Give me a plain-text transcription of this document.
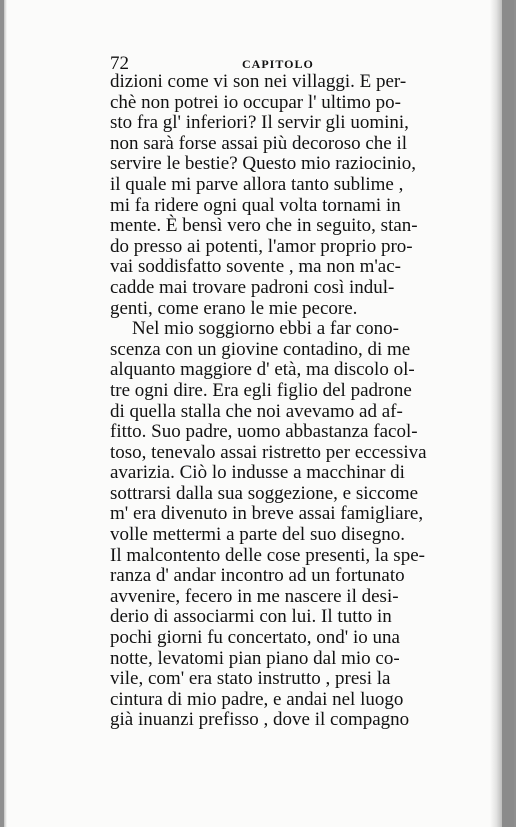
72	CAPITOLO
dizioni come vi son nei villaggi. E per-
chè non potrei io occupar l' ultimo po-
sto fra gl' inferiori? Il servir gli uomini,
non sarà forse assai più decoroso che il
servire le bestie? Questo mio raziocinio,
il quale mi parve allora tanto sublime ,
mi fa ridere ogni qual volta tornami in
mente. È bensì vero che in seguito, stan-
do presso ai potenti, l'amor proprio pro-
vai soddisfatto sovente , ma non m'ac-
cadde mai trovare padroni così indul-
genti, come erano le mie pecore.
Nel mio soggiorno ebbi a far cono-
scenza con un giovine contadino, di me
alquanto maggiore d' età, ma discolo ol-
tre ogni dire. Era egli figlio del padrone
di quella stalla che noi avevamo ad af-
fitto. Suo padre, uomo abbastanza facol-
toso, tenevalo assai ristretto per eccessiva
avarizia. Ciò lo indusse a macchinar di
sottrarsi dalla sua soggezione, e siccome
m' era divenuto in breve assai famigliare,
volle mettermi a parte del suo disegno.
Il malcontento delle cose presenti, la spe-
ranza d' andar incontro ad un fortunato
avvenire, fecero in me nascere il desi-
derio di associarmi con lui. Il tutto in
pochi giorni fu concertato, ond' io una
notte, levatomi pian piano dal mio co-
vile, com' era stato instrutto , presi la
cintura di mio padre, e andai nel luogo
già inuanzi prefisso , dove il compagno
